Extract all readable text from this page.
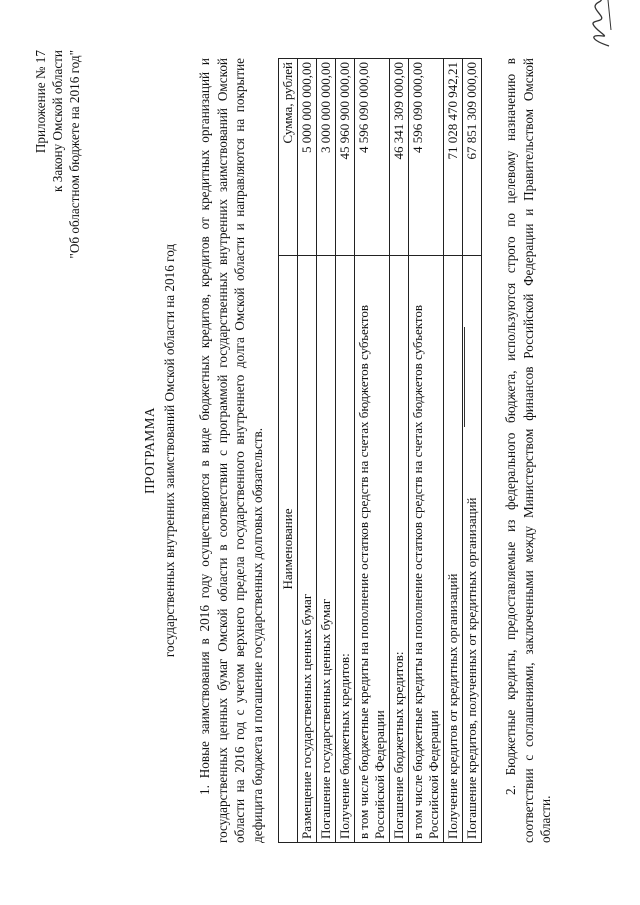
Приложение № 17 к Закону Омской области "Об областном бюджете на 2016 год"
ПРОГРАММА государственных внутренних заимствований Омской области на 2016 год 1. Новые заимствования в 2016 году осуществляются в виде бюджетных кредитов, кредитов от кредитных организаций и государственных ценных бумаг Омской области в соответствии с программой государственных внутренних заимствований Омской области на 2016 год с учетом верхнего предела государственного внутреннего долга Омской области и направляются на покрытие дефицита бюджета и погашение государственных долговых обязательств. Наименование	Сумма, рублей
Размещение государственных ценных бумаг	5 000 000 000,00
Погашение государственных ценных бумаг	3 000 000 000,00
Получение бюджетных кредитов:	45 960 900 000,00
в том числе бюджетные кредиты на пополнение остатков средств на счетах бюджетов субъектов Российской Федерации	4 596 090 000,00
Погашение бюджетных кредитов:	46 341 309 000,00
в том числе бюджетные кредиты на пополнение остатков средств на счетах бюджетов субъектов Российской Федерации	4 596 090 000,00
Получение кредитов от кредитных организаций	71 028 470 942,21
Погашение кредитов, полученных от кредитных организаций	67 851 309 000,00 2. Бюджетные кредиты, предоставляемые из федерального бюджета, используются строго по целевому назначению в соответствии с соглашениями, заключенными между Министерством финансов Российской Федерации и Правительством Омской области.
